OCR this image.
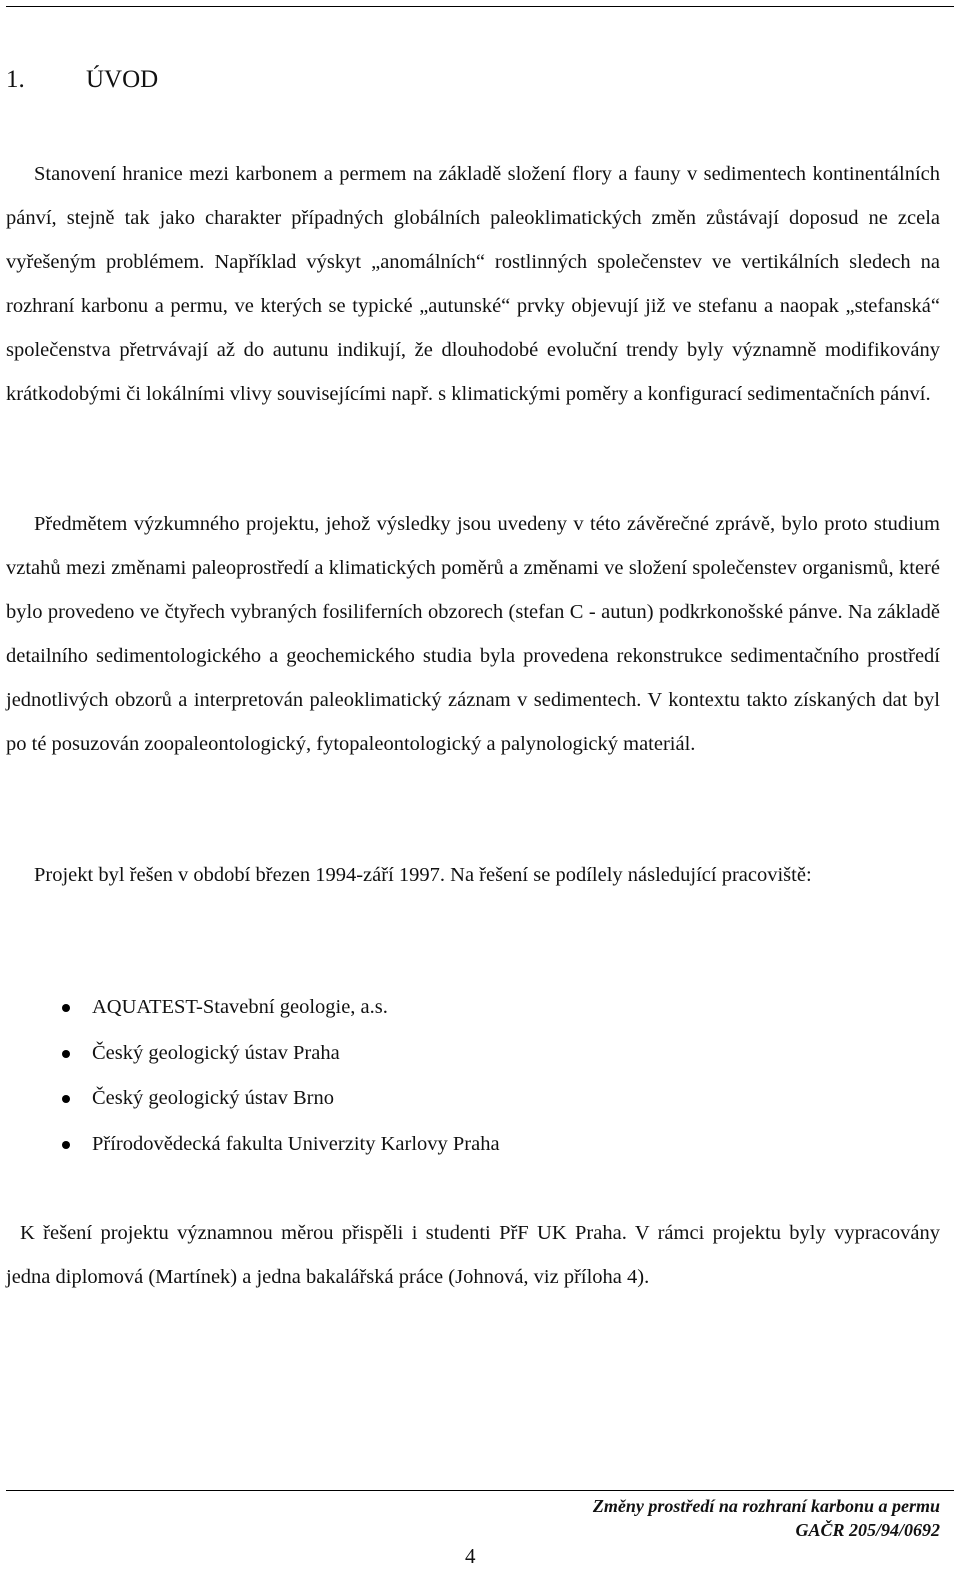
1. ÚVOD
Stanovení hranice mezi karbonem a permem na základě složení flory a fauny v sedimentech kontinentálních pánví, stejně tak jako charakter případných globálních paleoklimatických změn zůstávají doposud ne zcela vyřešeným problémem. Například výskyt „anomálních“ rostlinných společenstev ve vertikálních sledech na rozhraní karbonu a permu, ve kterých se typické „autunské“ prvky objevují již ve stefanu a naopak „stefanská“ společenstva přetrvávají až do autunu indikují, že dlouhodobé evoluční trendy byly významně modifikovány krátkodobými či lokálními vlivy souvisejícími např. s klimatickými poměry a konfigurací sedimentačních pánví.
Předmětem výzkumného projektu, jehož výsledky jsou uvedeny v této závěrečné zprávě, bylo proto studium vztahů mezi změnami paleoprostředí a klimatických poměrů a změnami ve složení společenstev organismů, které bylo provedeno ve čtyřech vybraných fosiliferních obzorech (stefan C - autun) podkrkonošské pánve. Na základě detailního sedimentologického a geochemického studia byla provedena rekonstrukce sedimentačního prostředí jednotlivých obzorů a interpretován paleoklimatický záznam v sedimentech. V kontextu takto získaných dat byl po té posuzován zoopaleontologický, fytopaleontologický a palynologický materiál.
Projekt byl řešen v období březen 1994-září 1997. Na řešení se podílely následující pracoviště:
AQUATEST-Stavební geologie, a.s.
Český geologický ústav Praha
Český geologický ústav Brno
Přírodovědecká fakulta Univerzity Karlovy Praha
K řešení projektu významnou měrou přispěli i studenti PřF UK Praha. V rámci projektu byly vypracovány jedna diplomová (Martínek) a jedna bakalářská práce (Johnová, viz příloha 4).
Změny prostředí na rozhraní karbonu a permu
GAČR 205/94/0692
4
